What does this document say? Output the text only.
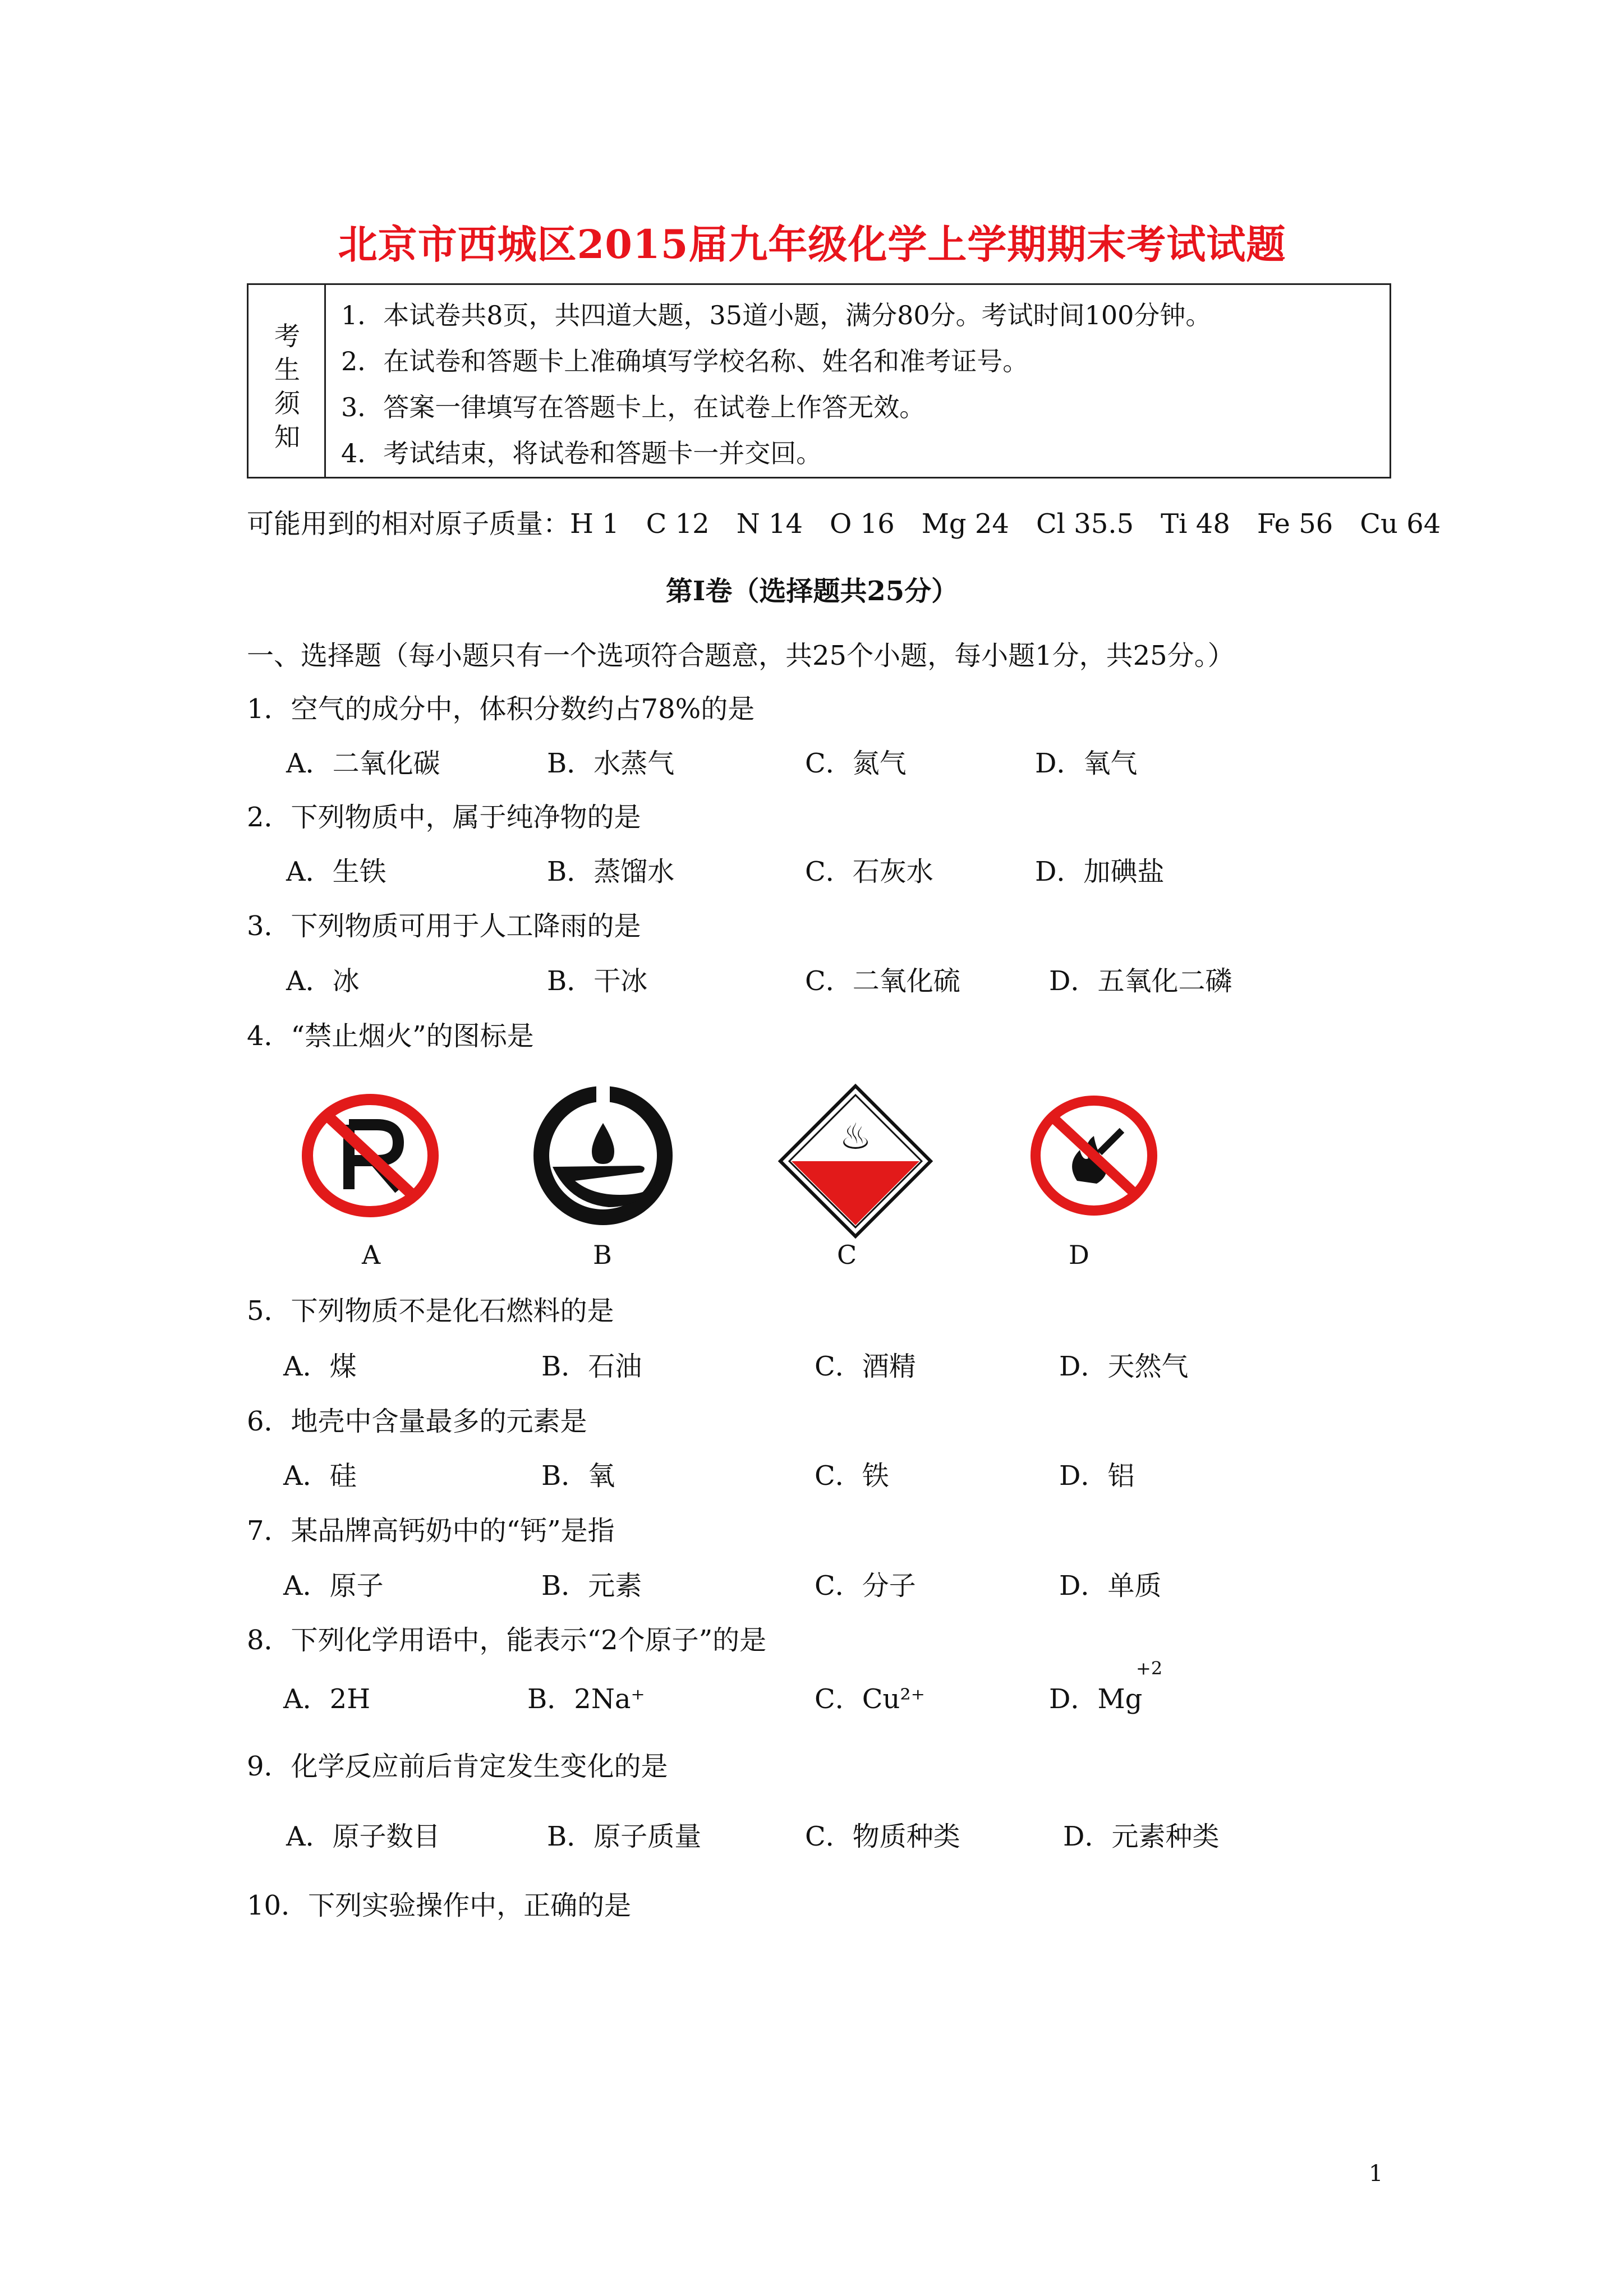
北京市西城区2015届九年级化学上学期期末考试试题
考
生
须
知
1．本试卷共8页，共四道大题，35道小题，满分80分。考试时间100分钟。
2．在试卷和答题卡上准确填写学校名称、姓名和准考证号。
3．答案一律填写在答题卡上，在试卷上作答无效。
4．考试结束，将试卷和答题卡一并交回。
可能用到的相对原子质量：H 1　C 12　N 14　O 16　Mg 24　Cl 35.5　Ti 48　Fe 56　Cu 64
第Ⅰ卷（选择题共25分）
一、选择题（每小题只有一个选项符合题意，共25个小题，每小题1分，共25分。）
1．空气的成分中，体积分数约占78%的是
A．二氧化碳	B．水蒸气	C．氮气	D．氧气
2．下列物质中，属于纯净物的是
A．生铁	B．蒸馏水	C．石灰水	D．加碘盐
3．下列物质可用于人工降雨的是
A．冰	B．干冰	C．二氧化硫	D．五氧化二磷
4．“禁止烟火”的图标是
♨
A	B	C	D
5．下列物质不是化石燃料的是
A．煤	B．石油	C．酒精	D．天然气
6．地壳中含量最多的元素是
A．硅	B．氧	C．铁	D．铝
7．某品牌高钙奶中的“钙”是指
A．原子	B．元素	C．分子	D．单质
8．下列化学用语中，能表示“2个原子”的是
A．2H	B．2Na⁺	C．Cu²⁺	D．Mg
+2
9．化学反应前后肯定发生变化的是
A．原子数目	B．原子质量	C．物质种类	D．元素种类
10．下列实验操作中，正确的是
1
